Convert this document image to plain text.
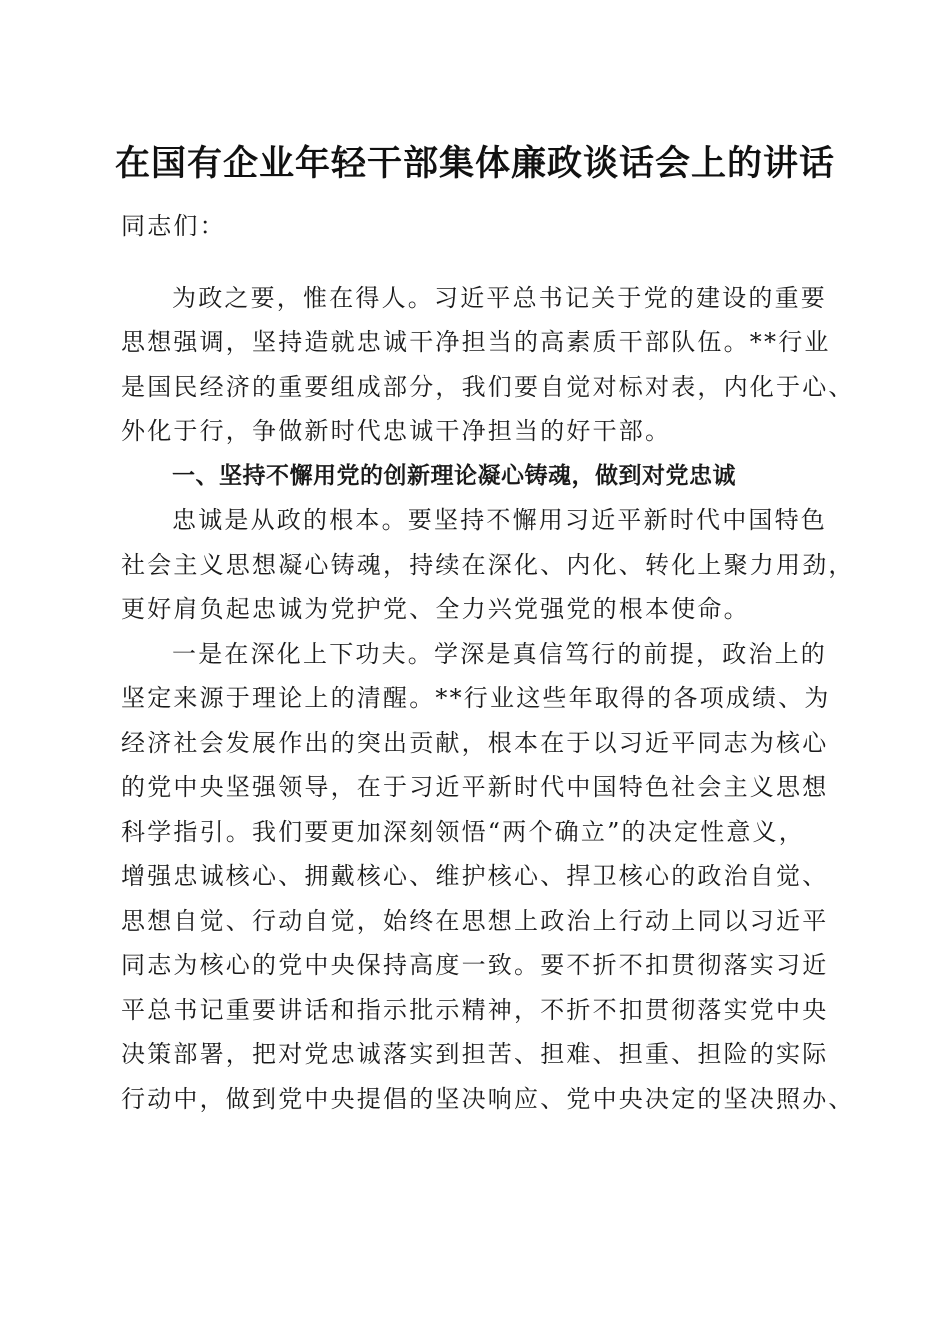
在国有企业年轻干部集体廉政谈话会上的讲话
同志们：
为政之要，惟在得人。习近平总书记关于党的建设的重要
思想强调，坚持造就忠诚干净担当的高素质干部队伍。**行业
是国民经济的重要组成部分，我们要自觉对标对表，内化于心、
外化于行，争做新时代忠诚干净担当的好干部。
一、坚持不懈用党的创新理论凝心铸魂，做到对党忠诚
忠诚是从政的根本。要坚持不懈用习近平新时代中国特色
社会主义思想凝心铸魂，持续在深化、内化、转化上聚力用劲，
更好肩负起忠诚为党护党、全力兴党强党的根本使命。
一是在深化上下功夫。学深是真信笃行的前提，政治上的
坚定来源于理论上的清醒。**行业这些年取得的各项成绩、为
经济社会发展作出的突出贡献，根本在于以习近平同志为核心
的党中央坚强领导，在于习近平新时代中国特色社会主义思想
科学指引。我们要更加深刻领悟“两个确立”的决定性意义，
增强忠诚核心、拥戴核心、维护核心、捍卫核心的政治自觉、
思想自觉、行动自觉，始终在思想上政治上行动上同以习近平
同志为核心的党中央保持高度一致。要不折不扣贯彻落实习近
平总书记重要讲话和指示批示精神，不折不扣贯彻落实党中央
决策部署，把对党忠诚落实到担苦、担难、担重、担险的实际
行动中，做到党中央提倡的坚决响应、党中央决定的坚决照办、
